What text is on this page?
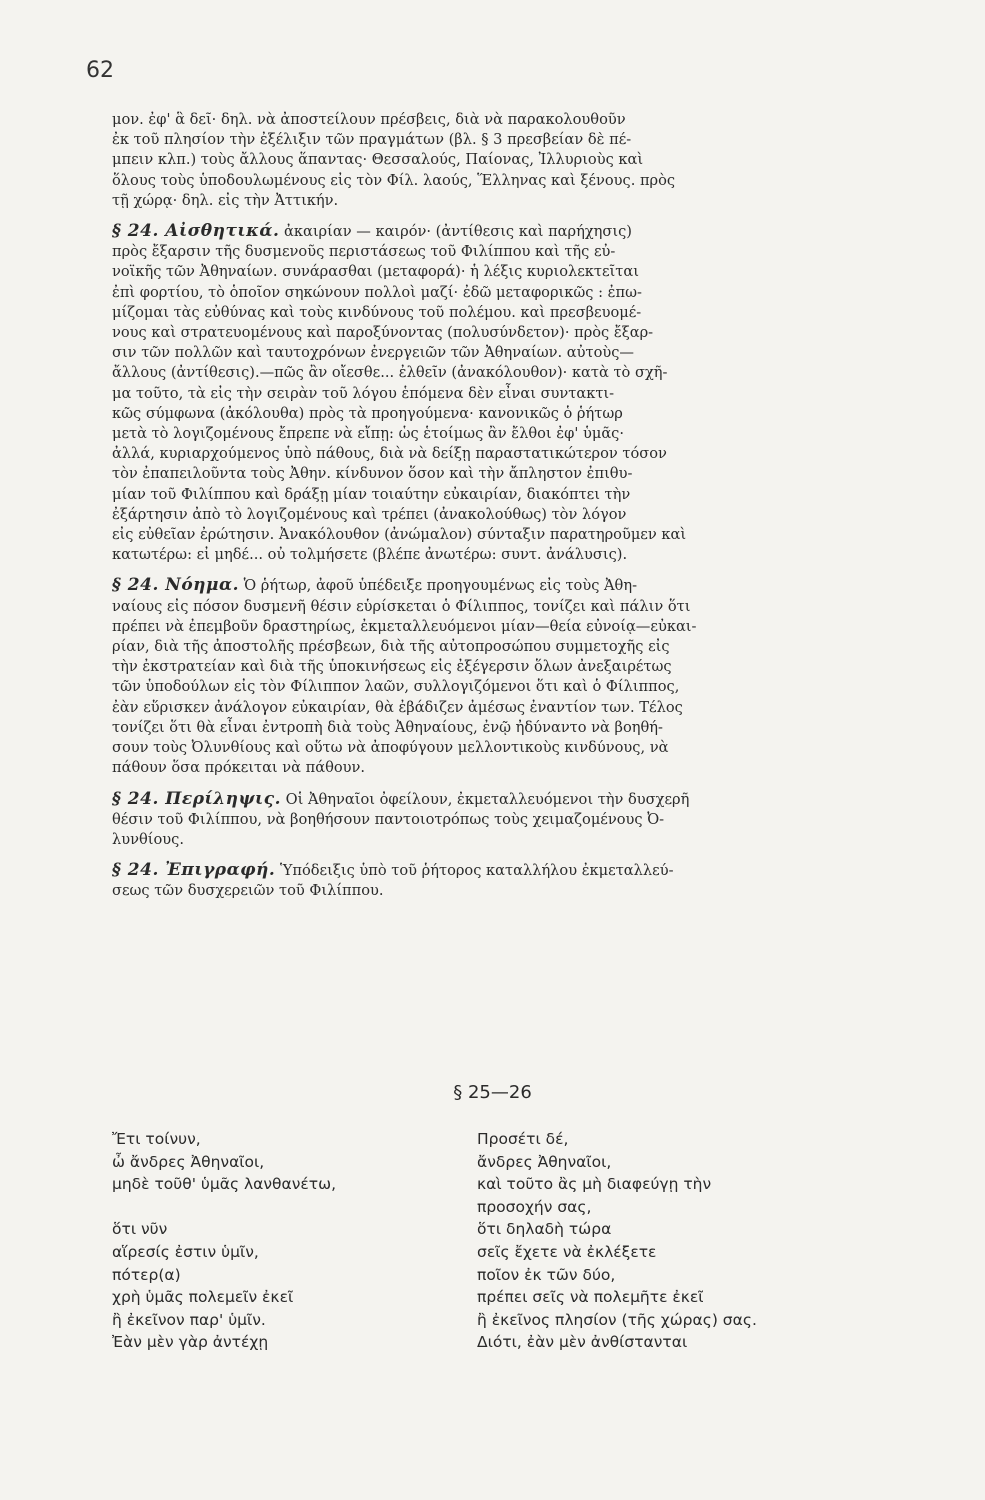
62

μον. ἐφ' ἃ δεῖ· δηλ. νὰ ἀποστείλουν πρέσβεις, διὰ νὰ παρακολουθοῦν

ἐκ τοῦ πλησίον τὴν ἐξέλιξιν τῶν πραγμάτων (βλ. § 3 πρεσβείαν δὲ πέ-

μπειν κλπ.) τοὺς ἄλλους ἅπαντας· Θεσσαλούς, Παίονας, Ἰλλυριοὺς καὶ

ὅλους τοὺς ὑποδουλωμένους εἰς τὸν Φίλ. λαούς, Ἕλληνας καὶ ξένους. πρὸς

τῇ χώρᾳ· δηλ. εἰς τὴν Ἀττικήν.

§ 24. Αἰσθητικά. ἀκαιρίαν — καιρόν· (ἀντίθεσις καὶ παρήχησις)

πρὸς ἔξαρσιν τῆς δυσμενοῦς περιστάσεως τοῦ Φιλίππου καὶ τῆς εὐ-

νοϊκῆς τῶν Ἀθηναίων. συνάρασθαι (μεταφορά)· ἡ λέξις κυριολεκτεῖται

ἐπὶ φορτίου, τὸ ὁποῖον σηκώνουν πολλοὶ μαζί· ἐδῶ μεταφορικῶς : ἐπω-

μίζομαι τὰς εὐθύνας καὶ τοὺς κινδύνους τοῦ πολέμου. καὶ πρεσβευομέ-

νους καὶ στρατευομένους καὶ παροξύνοντας (πολυσύνδετον)· πρὸς ἔξαρ-

σιν τῶν πολλῶν καὶ ταυτοχρόνων ἐνεργειῶν τῶν Ἀθηναίων. αὐτοὺς—

ἄλλους (ἀντίθεσις).—πῶς ἂν οἴεσθε... ἐλθεῖν (ἀνακόλουθον)· κατὰ τὸ σχῆ-

μα τοῦτο, τὰ εἰς τὴν σειρὰν τοῦ λόγου ἑπόμενα δὲν εἶναι συντακτι-

κῶς σύμφωνα (ἀκόλουθα) πρὸς τὰ προηγούμενα· κανονικῶς ὁ ῥήτωρ

μετὰ τὸ λογιζομένους ἔπρεπε νὰ εἴπῃ: ὡς ἑτοίμως ἂν ἔλθοι ἐφ' ὑμᾶς·

ἀλλά, κυριαρχούμενος ὑπὸ πάθους, διὰ νὰ δείξῃ παραστατικώτερον τόσον

τὸν ἐπαπειλοῦντα τοὺς Ἀθην. κίνδυνον ὅσον καὶ τὴν ἄπληστον ἐπιθυ-

μίαν τοῦ Φιλίππου καὶ δράξῃ μίαν τοιαύτην εὐκαιρίαν, διακόπτει τὴν

ἐξάρτησιν ἀπὸ τὸ λογιζομένους καὶ τρέπει (ἀνακολούθως) τὸν λόγον

εἰς εὐθεῖαν ἐρώτησιν. Ἀνακόλουθον (ἀνώμαλον) σύνταξιν παρατηροῦμεν καὶ

κατωτέρω: εἰ μηδέ... οὐ τολμήσετε (βλέπε ἀνωτέρω: συντ. ἀνάλυσις).

§ 24. Νόημα. Ὁ ῥήτωρ, ἀφοῦ ὑπέδειξε προηγουμένως εἰς τοὺς Ἀθη-

ναίους εἰς πόσον δυσμενῆ θέσιν εὑρίσκεται ὁ Φίλιππος, τονίζει καὶ πάλιν ὅτι

πρέπει νὰ ἐπεμβοῦν δραστηρίως, ἐκμεταλλευόμενοι μίαν—θεία εὐνοίᾳ—εὐκαι-

ρίαν, διὰ τῆς ἀποστολῆς πρέσβεων, διὰ τῆς αὐτοπροσώπου συμμετοχῆς εἰς

τὴν ἐκστρατείαν καὶ διὰ τῆς ὑποκινήσεως εἰς ἐξέγερσιν ὅλων ἀνεξαιρέτως

τῶν ὑποδούλων εἰς τὸν Φίλιππον λαῶν, συλλογιζόμενοι ὅτι καὶ ὁ Φίλιππος,

ἐὰν εὕρισκεν ἀνάλογον εὐκαιρίαν, θὰ ἐβάδιζεν ἀμέσως ἐναντίον των. Τέλος

τονίζει ὅτι θὰ εἶναι ἐντροπὴ διὰ τοὺς Ἀθηναίους, ἐνῷ ἠδύναντο νὰ βοηθή-

σουν τοὺς Ὀλυνθίους καὶ οὕτω νὰ ἀποφύγουν μελλοντικοὺς κινδύνους, νὰ

πάθουν ὅσα πρόκειται νὰ πάθουν.

§ 24. Περίληψις. Οἱ Ἀθηναῖοι ὀφείλουν, ἐκμεταλλευόμενοι τὴν δυσχερῆ

θέσιν τοῦ Φιλίππου, νὰ βοηθήσουν παντοιοτρόπως τοὺς χειμαζομένους Ὀ-

λυνθίους.

§ 24. Ἐπιγραφή. Ὑπόδειξις ὑπὸ τοῦ ῥήτορος καταλλήλου ἐκμεταλλεύ-

σεως τῶν δυσχερειῶν τοῦ Φιλίππου.

§ 25—26
Ἔτι τοίνυν,
ὦ ἄνδρες Ἀθηναῖοι,
μηδὲ τοῦθ' ὑμᾶς λανθανέτω,
ὅτι νῦν
αἵρεσίς ἐστιν ὑμῖν,
πότερ(α)
χρὴ ὑμᾶς πολεμεῖν ἐκεῖ
ἢ ἐκεῖνον παρ' ὑμῖν.
Ἐὰν μὲν γὰρ ἀντέχῃ
Προσέτι δέ,
ἄνδρες Ἀθηναῖοι,
καὶ τοῦτο ἂς μὴ διαφεύγῃ τὴν
προσοχήν σας,
ὅτι δηλαδὴ τώρα
σεῖς ἔχετε νὰ ἐκλέξετε
ποῖον ἐκ τῶν δύο,
πρέπει σεῖς νὰ πολεμῆτε ἐκεῖ
ἢ ἐκεῖνος πλησίον (τῆς χώρας) σας.
Διότι, ἐὰν μὲν ἀνθίστανται
